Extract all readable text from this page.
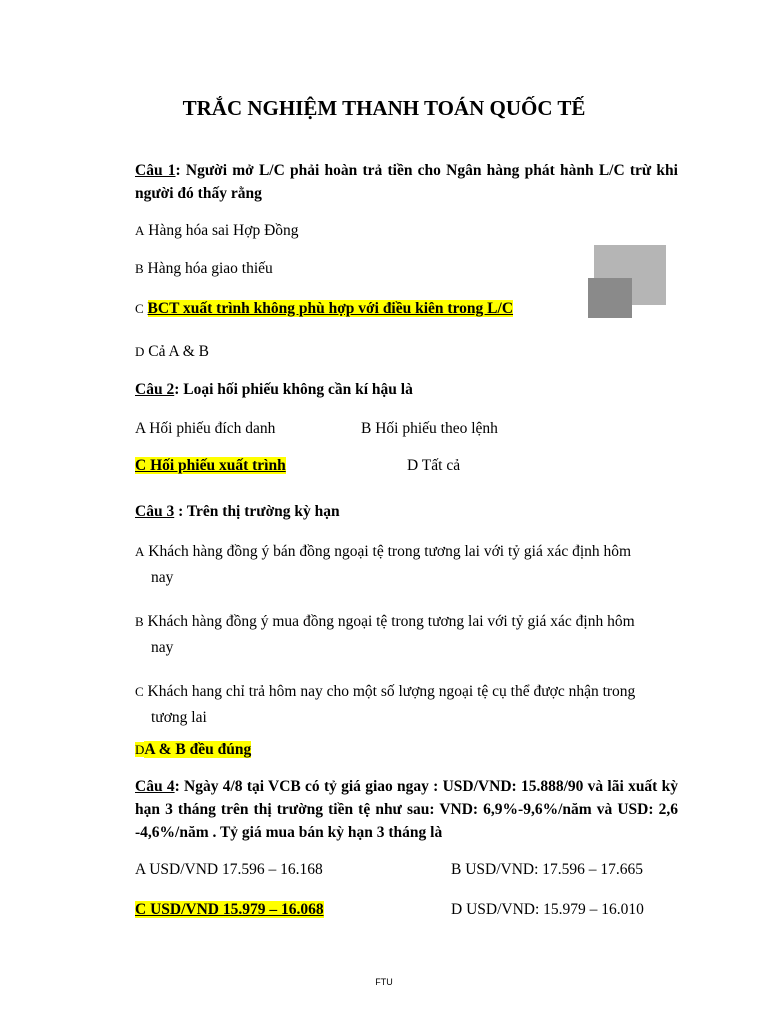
TRẮC NGHIỆM THANH TOÁN QUỐC TẾ
Câu 1: Người mở L/C phải hoàn trả tiền cho Ngân hàng phát hành L/C trừ khi người đó thấy rằng
A Hàng hóa sai Hợp Đồng
B Hàng hóa giao thiếu
C BCT xuất trình không phù hợp với điều kiên trong L/C
D Cả A & B
Câu 2: Loại hối phiếu không cần kí hậu là
A Hối phiếu đích danh	B Hối phiếu theo lệnh
C Hối phiếu xuất trình	D Tất cả
Câu 3 : Trên thị trường kỳ hạn
A Khách hàng đồng ý bán đồng ngoại tệ trong tương lai với tỷ giá xác định hôm
nay
B Khách hàng đồng ý mua đồng ngoại tệ trong tương lai với tỷ giá xác định hôm
nay
C Khách hang chỉ trả hôm nay cho một số lượng ngoại tệ cụ thể được nhận trong
tương lai
DA & B đều đúng
Câu 4: Ngày 4/8 tại VCB có tỷ giá giao ngay : USD/VND: 15.888/90 và lãi xuất kỳ hạn 3 tháng trên thị trường tiền tệ như sau: VND: 6,9%-9,6%/năm và USD: 2,6 -4,6%/năm . Tỷ giá mua bán kỳ hạn 3 tháng là
A USD/VND 17.596 – 16.168	B USD/VND: 17.596 – 17.665
C USD/VND 15.979 – 16.068	D USD/VND: 15.979 – 16.010
FTU
